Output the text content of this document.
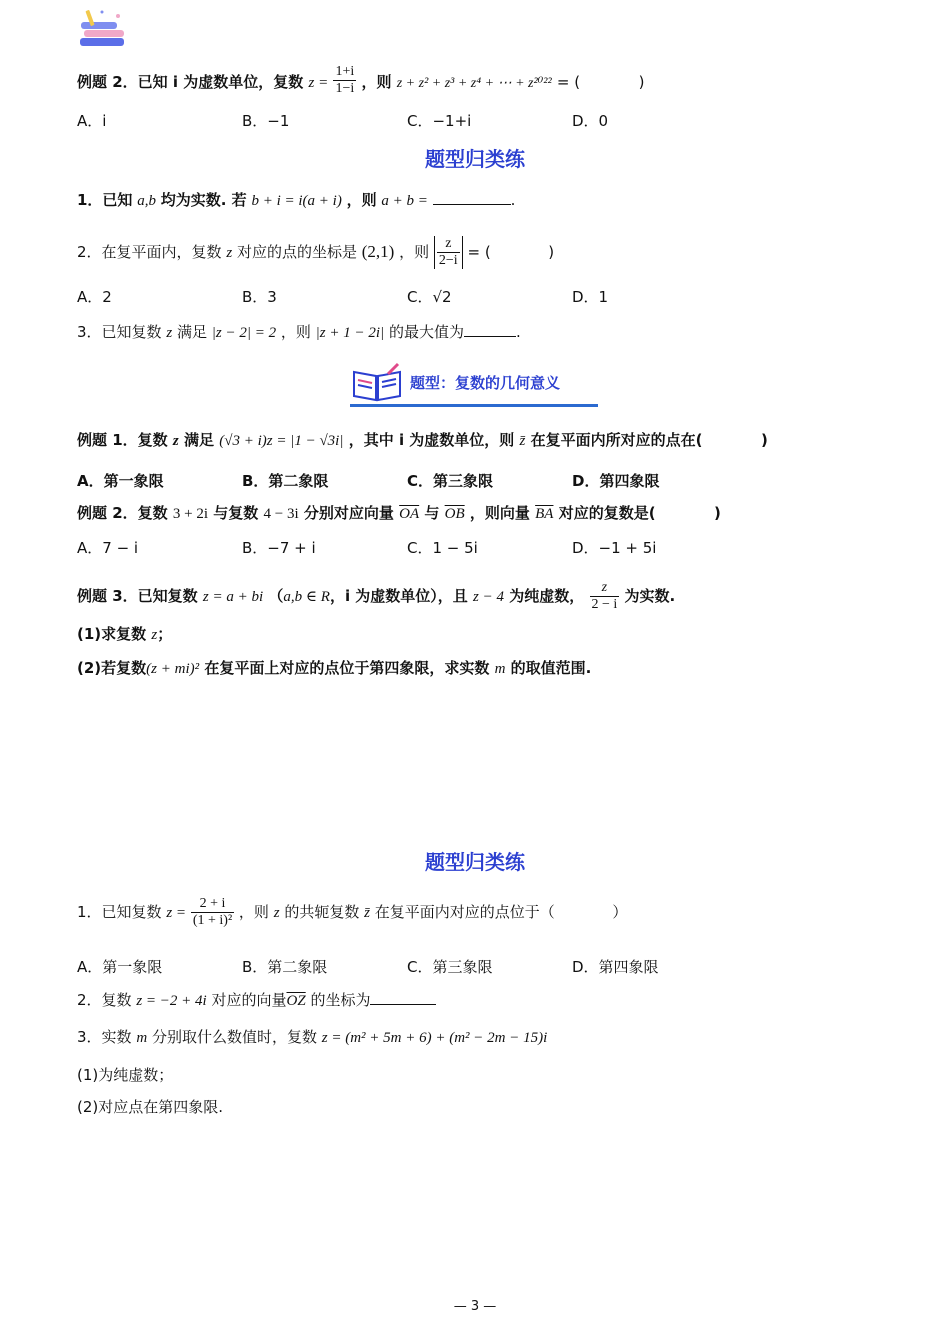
例题 2．已知 i 为虚数单位，复数 $z = \frac{1+i}{1-i}$ ，则 z + z² + z³ + z⁴ + ⋯ + z²⁰²² = (	)
A．i	B．−1	C．−1+i	D．0
题型归类练
1．已知 a,b 均为实数. 若 b + i = i(a + i) ，则 a + b =	.
2．在复平面内，复数 z 对应的点的坐标是 (2,1) ，则 $\frac{z}{2-i}$ = (	)
A．2	B．3	C．√2	D．1
3．已知复数 z 满足 |z − 2| = 2 ，则 |z + 1 − 2i| 的最大值为	.
题型：复数的几何意义
例题 1．复数 z 满足 (√3 + i)z = |1 − √3i| ，其中 i 为虚数单位，则 z̄ 在复平面内所对应的点在(	)
A．第一象限	B．第二象限	C．第三象限	D．第四象限
例题 2．复数 3 + 2i 与复数 4 − 3i 分别对应向量 $\overline{OA}$ 与 $\overline{OB}$ ，则向量 $\overline{BA}$ 对应的复数是(	)
A．7 − i	B．−7 + i	C．1 − 5i	D．−1 + 5i
例题 3．已知复数 z = a + bi （a,b ∈ R，i 为虚数单位），且 z − 4 为纯虚数， $\frac{z}{2 - i}$ 为实数.
(1)求复数 z；
(2)若复数(z + mi)² 在复平面上对应的点位于第四象限，求实数 m 的取值范围.
题型归类练
1．已知复数 $z = \frac{2 + i}{\text{(1 + i)²}}$ ，则 z 的共轭复数 z̄ 在复平面内对应的点位于（	）
A．第一象限	B．第二象限	C．第三象限	D．第四象限
2．复数 z = −2 + 4i 对应的向量$\overline{OZ}$ 的坐标为
3．实数 m 分别取什么数值时，复数 z = (m² + 5m + 6) + (m² − 2m − 15)i
(1)为纯虚数；
(2)对应点在第四象限.
— 3 —
